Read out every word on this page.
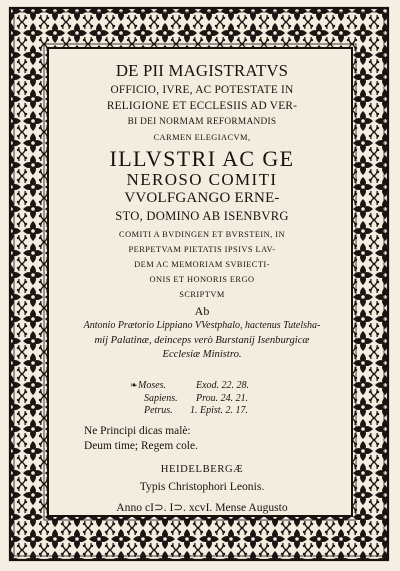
DE PII MAGISTRATVS
OFFICIO, IVRE, AC POTESTATE IN
RELIGIONE ET ECCLESIIS AD VER-
BI DEI NORMAM REFORMANDIS
CARMEN ELEGIACVM,
ILLVSTRI AC GE
NEROSO COMITI
VVOLFGANGO ERNE-
STO, DOMINO AB ISENBVRG
COMITI A BVDINGEN ET BVRSTEIN, IN
PERPETVAM PIETATIS IPSIVS LAV-
DEM AC MEMORIAM SVBIECTI-
ONIS ET HONORIS ERGO
SCRIPTVM
Ab
Antonio Prætorio Lippiano VVestphalo, hactenus Tutelsha-
mij Palatinæ, deinceps verò Burstanij Isenburgicæ
Ecclesiæ Ministro.
❧ Moses.	Exod. 22. 28.
Sapiens. Prou. 24. 21.
Petrus. 1. Epist. 2. 17.
Ne Principi dicas malè:
Deum time; Regem cole.
HEIDELBERGÆ
Typis Christophori Leonis.
Anno cI⊃. I⊃. xcvI. Mense Augusto
